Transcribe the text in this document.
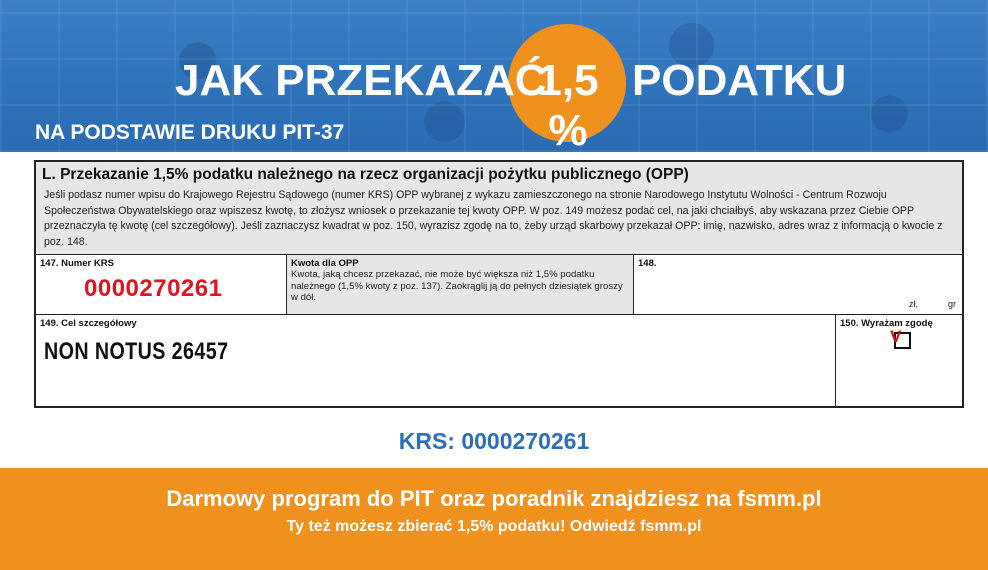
JAK PRZEKAZAĆ
1,5 %
PODATKU
NA PODSTAWIE DRUKU PIT-37
L. Przekazanie 1,5% podatku należnego na rzecz organizacji pożytku publicznego (OPP)
Jeśli podasz numer wpisu do Krajowego Rejestru Sądowego (numer KRS) OPP wybranej z wykazu zamieszczonego na stronie Narodowego Instytutu Wolności - Centrum Rozwoju Społeczeństwa Obywatelskiego oraz wpiszesz kwotę, to złożysz wniosek o przekazanie tej kwoty OPP. W poz. 149 możesz podać cel, na jaki chciałbyś, aby wskazana przez Ciebie OPP przeznaczyła tę kwotę (cel szczegółowy). Jeśli zaznaczysz kwadrat w poz. 150, wyrazisz zgodę na to, żeby urząd skarbowy przekazał OPP: imię, nazwisko, adres wraz z informacją o kwocie z poz. 148.
147. Numer KRS
0000270261
Kwota dla OPP
Kwota, jaką chcesz przekazać, nie może być większa niż 1,5% podatku należnego (1,5% kwoty z poz. 137). Zaokrąglij ją do pełnych dziesiątek groszy w dół.
148.
zł,	gr
149. Cel szczegółowy
NON NOTUS 26457
150. Wyrażam zgodę
V
KRS: 0000270261
Darmowy program do PIT oraz poradnik znajdziesz na fsmm.pl
Ty też możesz zbierać 1,5% podatku! Odwiedź fsmm.pl
